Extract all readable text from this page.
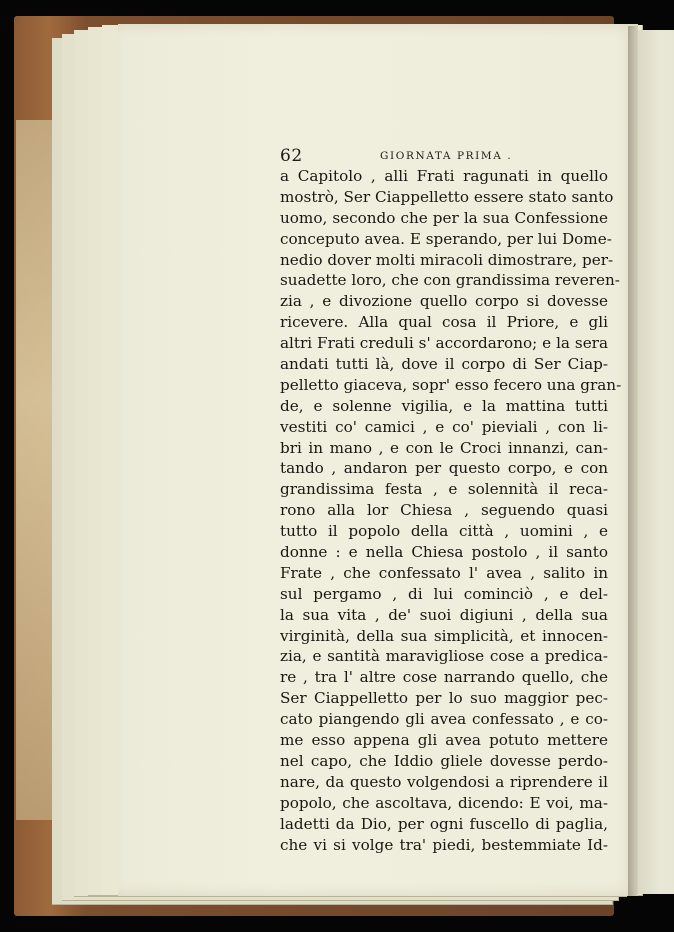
62	GIORNATA PRIMA .
a Capitolo , alli Frati ragunati in quello
mostrò, Ser Ciappelletto essere stato santo
uomo, secondo che per la sua Confessione
conceputo avea. E sperando, per lui Dome-
nedio dover molti miracoli dimostrare, per-
suadette loro, che con grandissima reveren-
zia , e divozione quello corpo si dovesse
ricevere. Alla qual cosa il Priore, e gli
altri Frati creduli s' accordarono; e la sera
andati tutti là, dove il corpo di Ser Ciap-
pelletto giaceva, sopr' esso fecero una gran-
de, e solenne vigilia, e la mattina tutti
vestiti co' camici , e co' pieviali , con li-
bri in mano , e con le Croci innanzi, can-
tando , andaron per questo corpo, e con
grandissima festa , e solennità il reca-
rono alla lor Chiesa , seguendo quasi
tutto il popolo della città , uomini , e
donne : e nella Chiesa postolo , il santo
Frate , che confessato l' avea , salito in
sul pergamo , di lui cominciò , e del-
la sua vita , de' suoi digiuni , della sua
virginità, della sua simplicità, et innocen-
zia, e santità maravigliose cose a predica-
re , tra l' altre cose narrando quello, che
Ser Ciappelletto per lo suo maggior pec-
cato piangendo gli avea confessato , e co-
me esso appena gli avea potuto mettere
nel capo, che Iddio gliele dovesse perdo-
nare, da questo volgendosi a riprendere il
popolo, che ascoltava, dicendo: E voi, ma-
ladetti da Dio, per ogni fuscello di paglia,
che vi si volge tra' piedi, bestemmiate Id-
